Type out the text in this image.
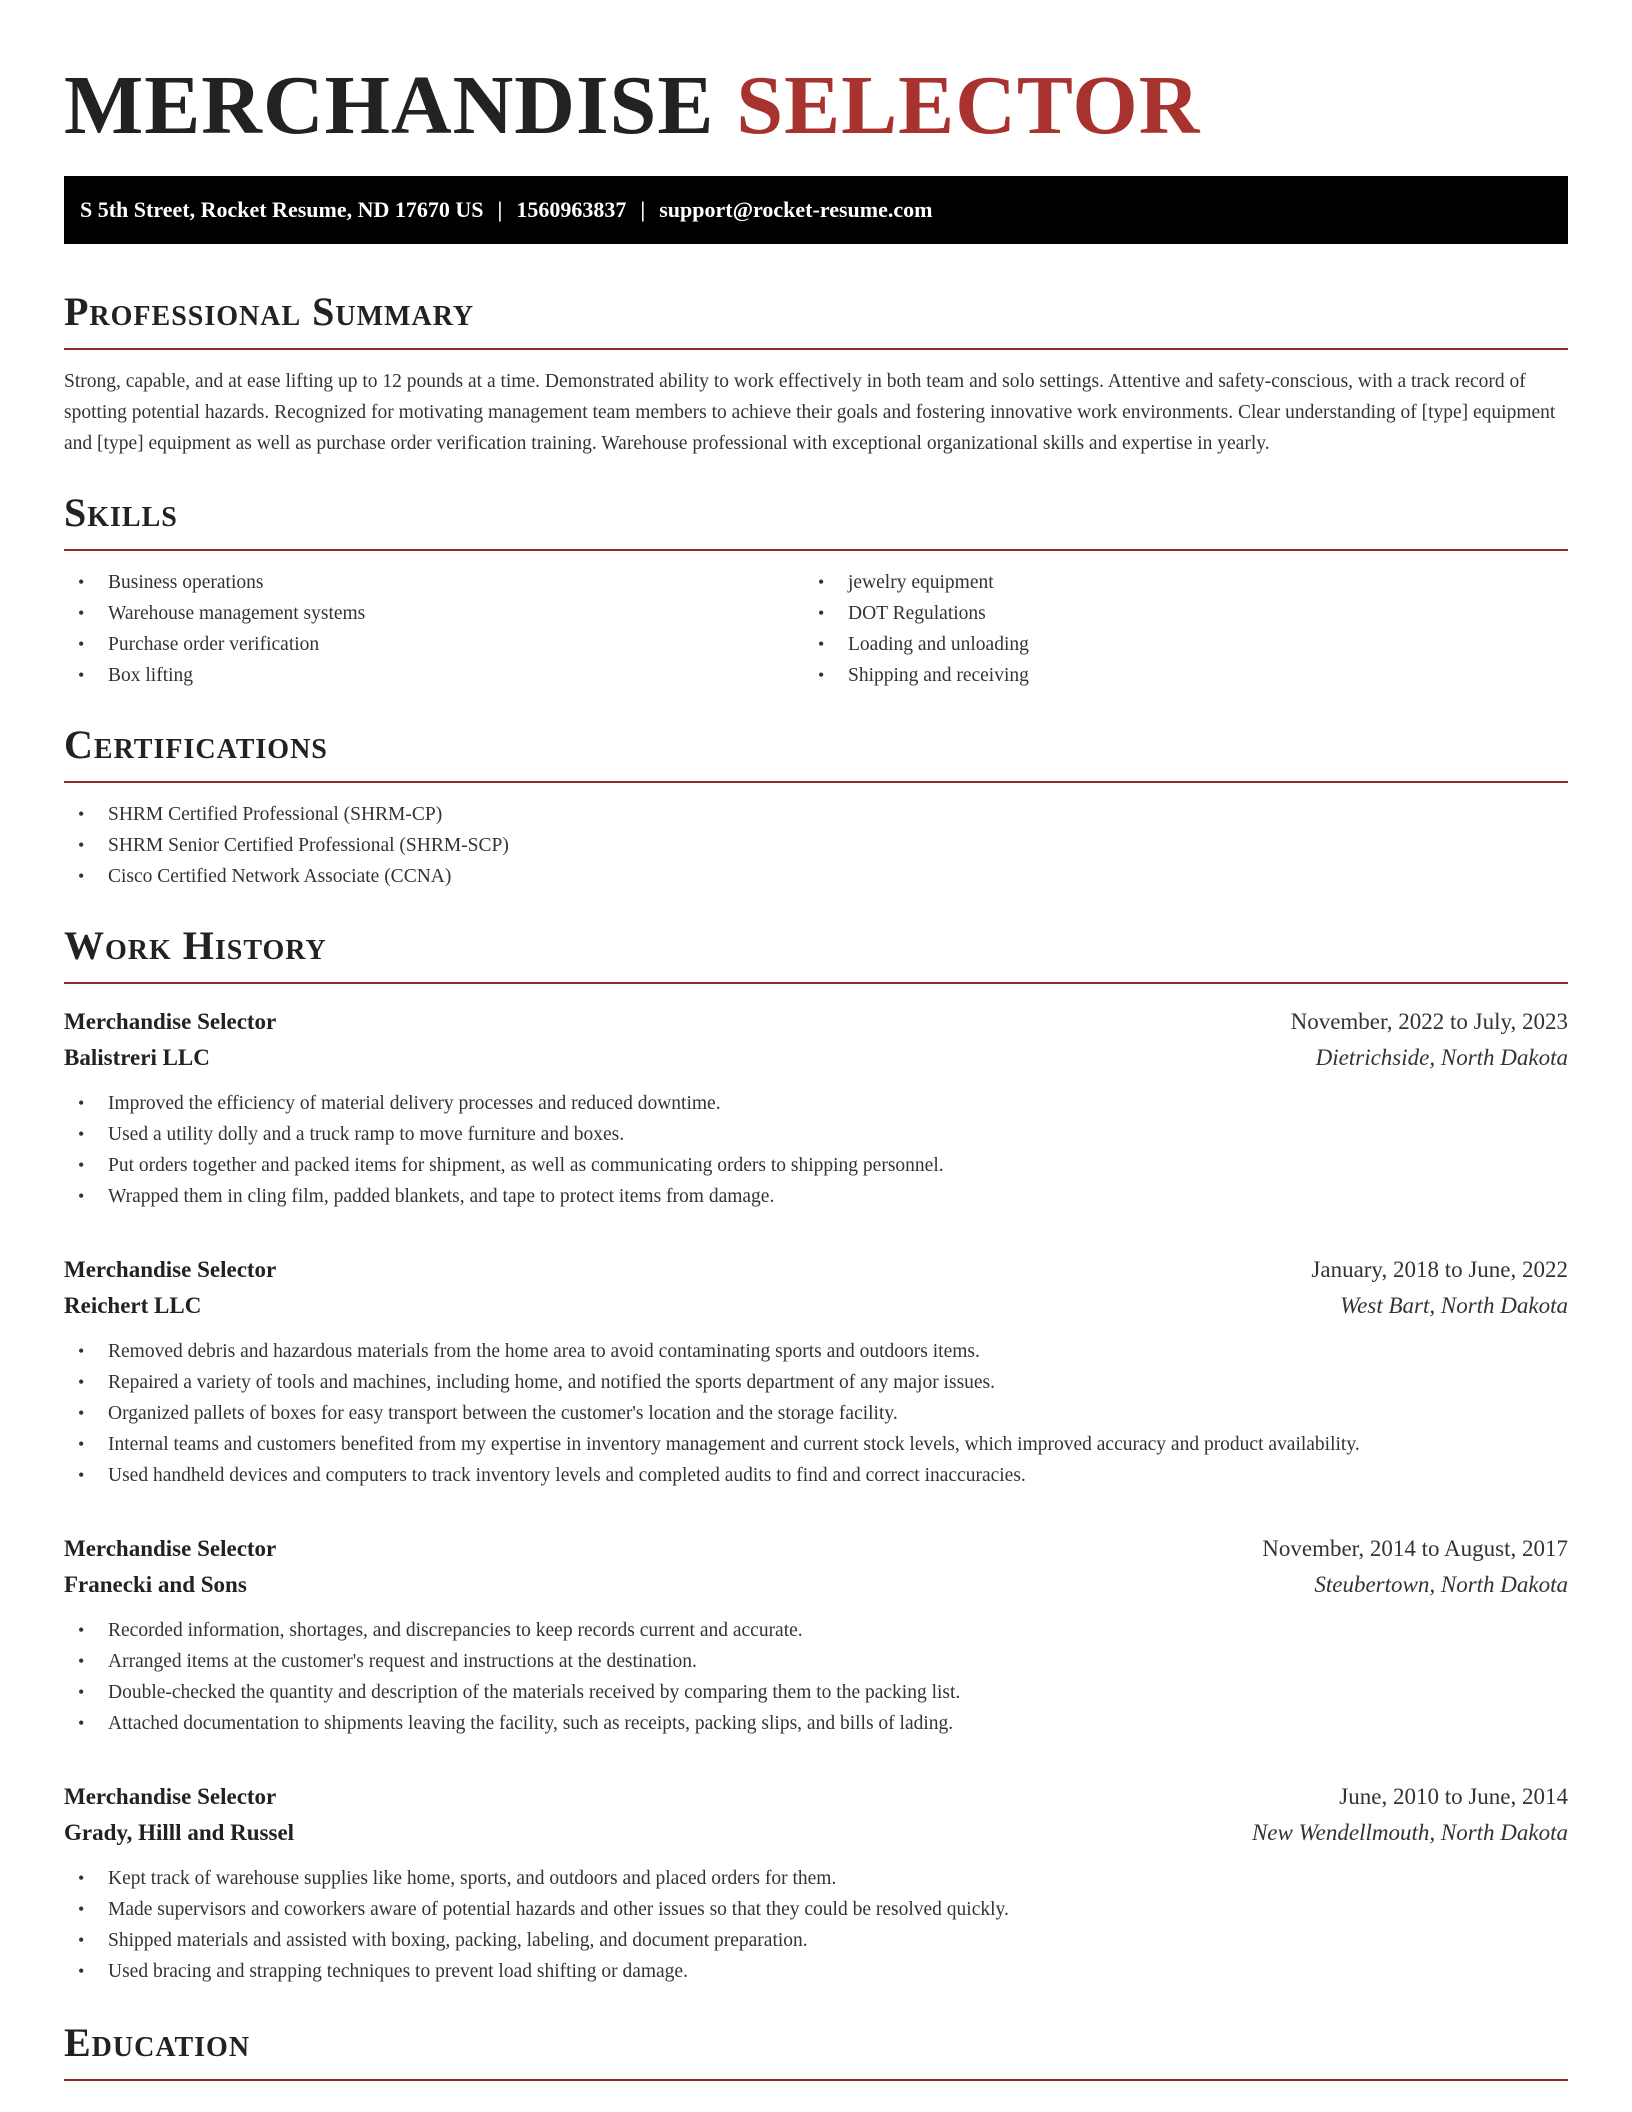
MERCHANDISE SELECTOR
S 5th Street, Rocket Resume, ND 17670 US | 1560963837 | support@rocket-resume.com
Professional Summary

Strong, capable, and at ease lifting up to 12 pounds at a time. Demonstrated ability to work effectively in both team and solo settings. Attentive and safety-conscious, with a track record of spotting potential hazards. Recognized for motivating management team members to achieve their goals and fostering innovative work environments. Clear understanding of [type] equipment and [type] equipment as well as purchase order verification training. Warehouse professional with exceptional organizational skills and expertise in yearly.

Skills
• Business operations
• Warehouse management systems
• Purchase order verification
• Box lifting
• jewelry equipment
• DOT Regulations
• Loading and unloading
• Shipping and receiving
Certifications
• SHRM Certified Professional (SHRM-CP)
• SHRM Senior Certified Professional (SHRM-SCP)
• Cisco Certified Network Associate (CCNA)
Work History
Merchandise Selector	November, 2022 to July, 2023
Balistreri LLC	Dietrichside, North Dakota
• Improved the efficiency of material delivery processes and reduced downtime.
• Used a utility dolly and a truck ramp to move furniture and boxes.
• Put orders together and packed items for shipment, as well as communicating orders to shipping personnel.
• Wrapped them in cling film, padded blankets, and tape to protect items from damage.
Merchandise Selector	January, 2018 to June, 2022
Reichert LLC	West Bart, North Dakota
• Removed debris and hazardous materials from the home area to avoid contaminating sports and outdoors items.
• Repaired a variety of tools and machines, including home, and notified the sports department of any major issues.
• Organized pallets of boxes for easy transport between the customer's location and the storage facility.
• Internal teams and customers benefited from my expertise in inventory management and current stock levels, which improved accuracy and product availability.
• Used handheld devices and computers to track inventory levels and completed audits to find and correct inaccuracies.
Merchandise Selector	November, 2014 to August, 2017
Franecki and Sons	Steubertown, North Dakota
• Recorded information, shortages, and discrepancies to keep records current and accurate.
• Arranged items at the customer's request and instructions at the destination.
• Double-checked the quantity and description of the materials received by comparing them to the packing list.
• Attached documentation to shipments leaving the facility, such as receipts, packing slips, and bills of lading.
Merchandise Selector	June, 2010 to June, 2014
Grady, Hilll and Russel	New Wendellmouth, North Dakota
• Kept track of warehouse supplies like home, sports, and outdoors and placed orders for them.
• Made supervisors and coworkers aware of potential hazards and other issues so that they could be resolved quickly.
• Shipped materials and assisted with boxing, packing, labeling, and document preparation.
• Used bracing and strapping techniques to prevent load shifting or damage.
Education
